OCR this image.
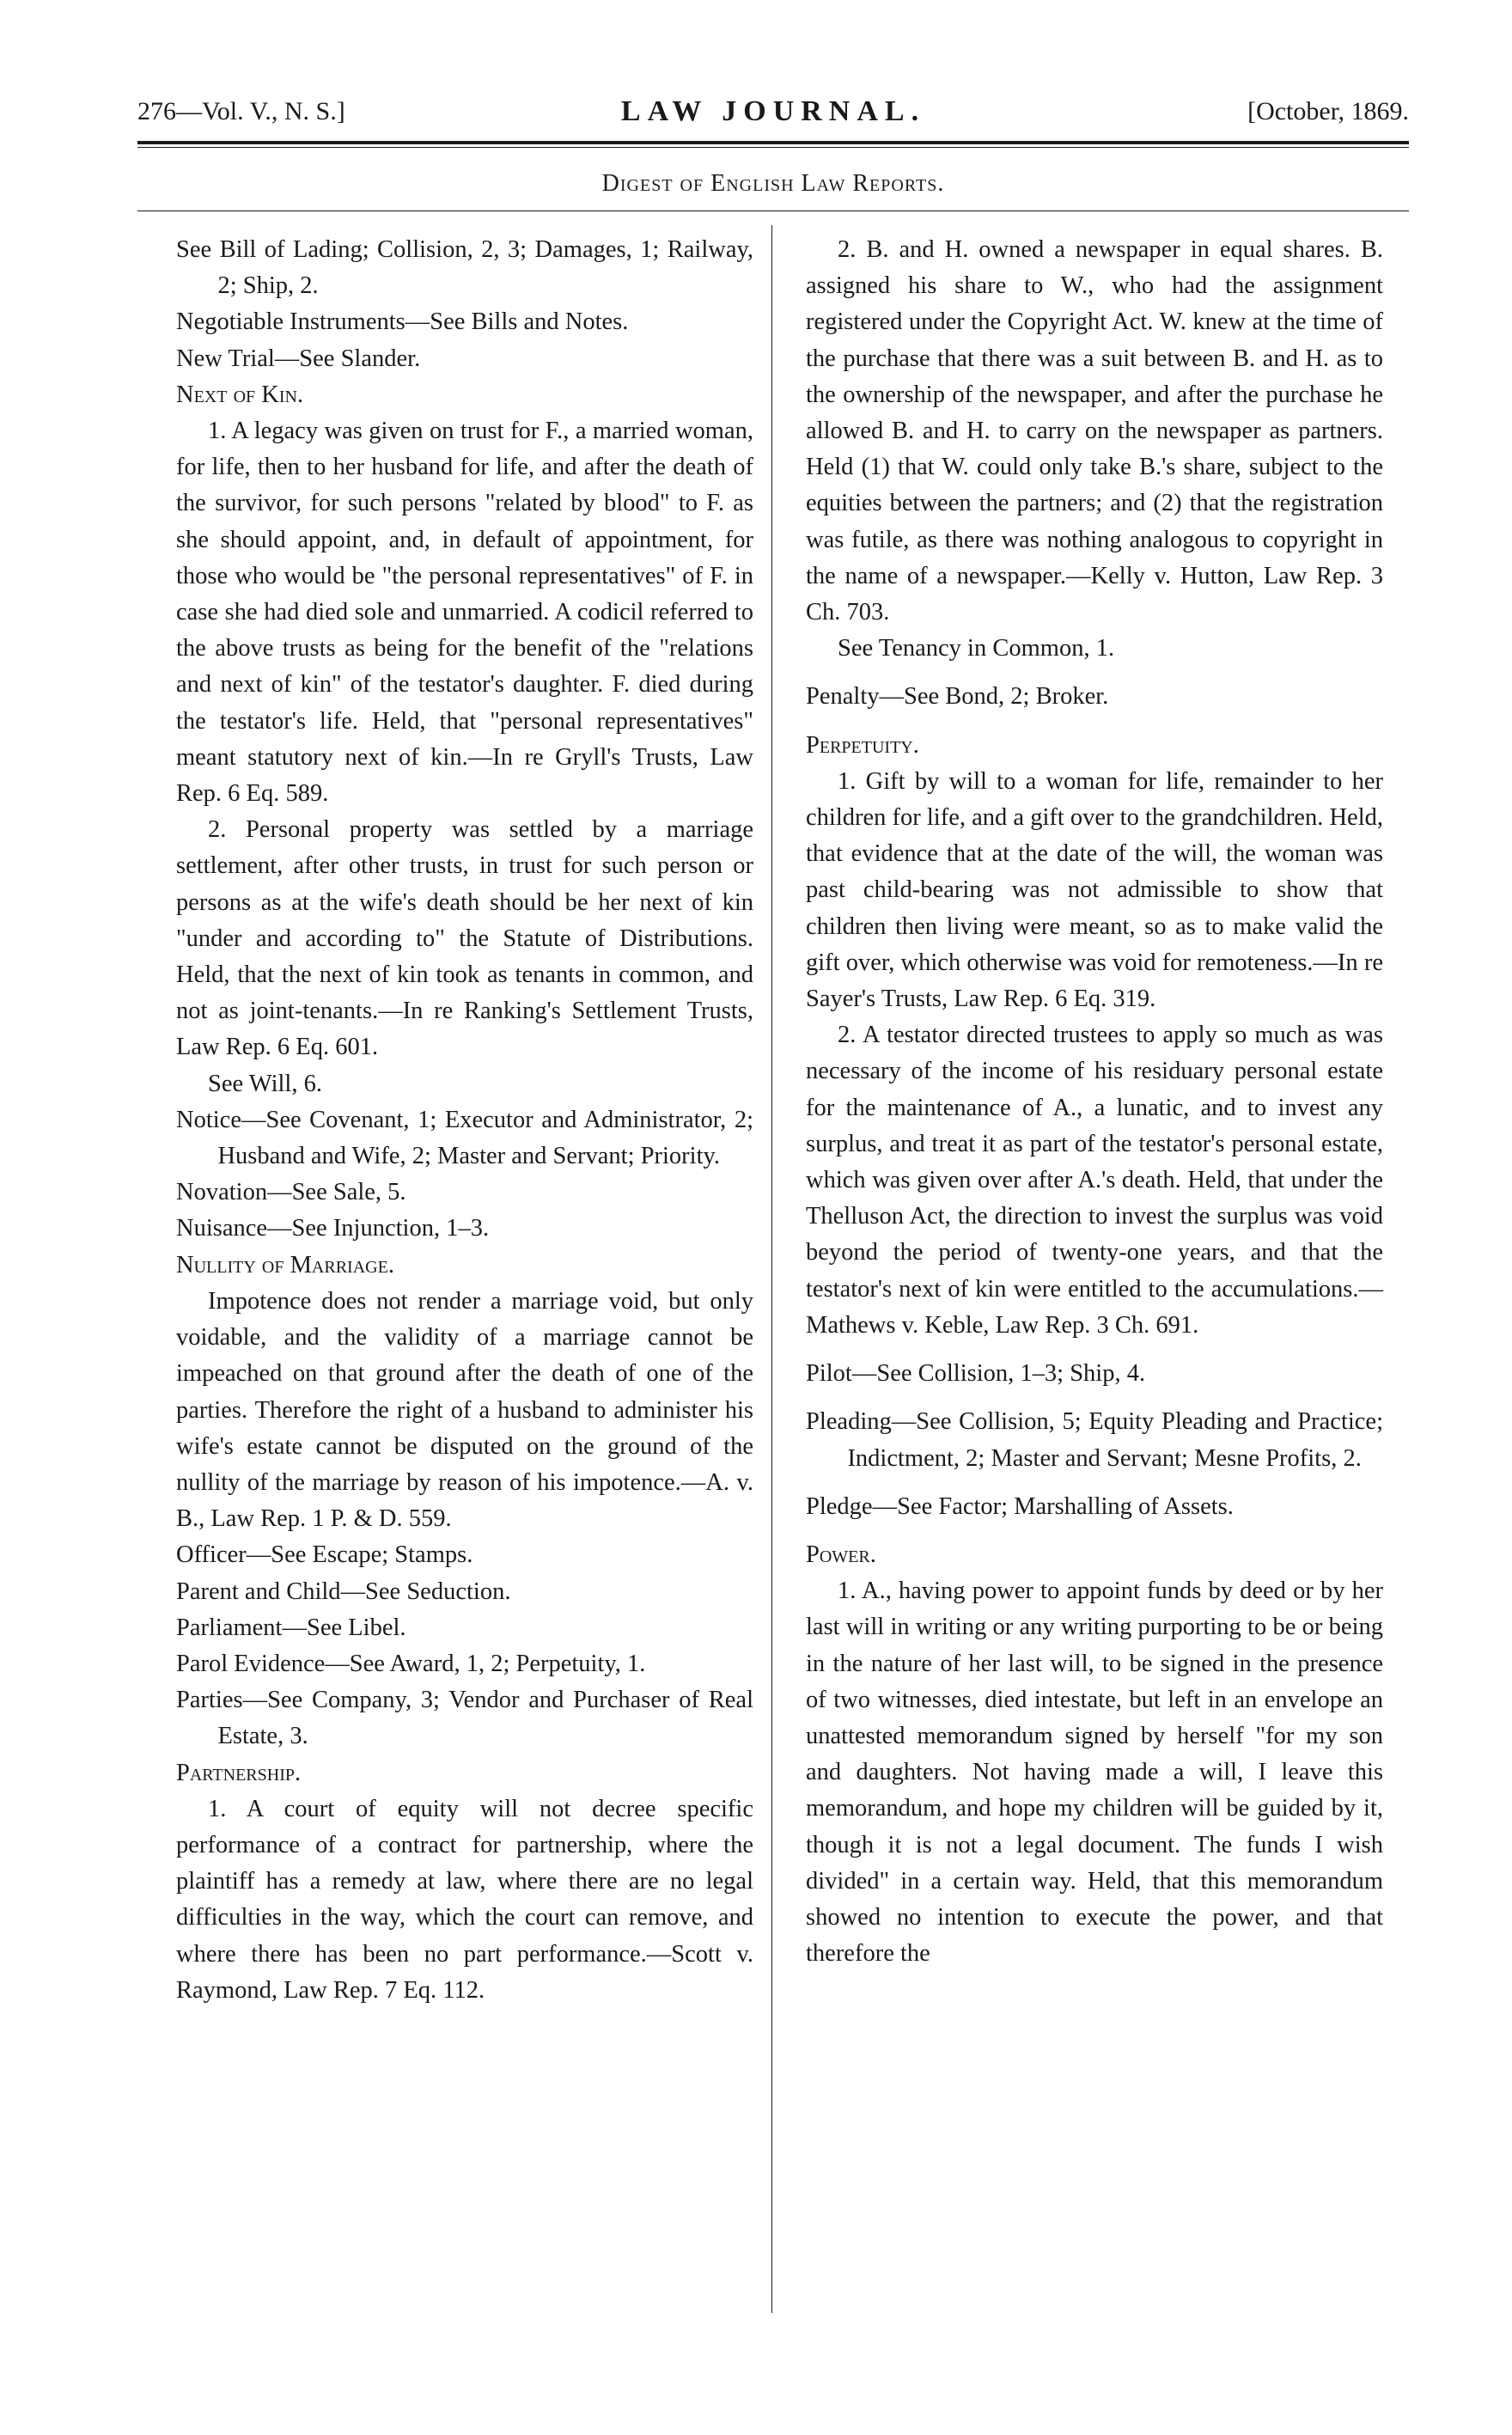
276—Vol. V., N. S.]	LAW JOURNAL.	[October, 1869.
Digest of English Law Reports.

See Bill of Lading; Collision, 2, 3; Damages, 1; Railway, 2; Ship, 2.

Negotiable Instruments—See Bills and Notes.

New Trial—See Slander.

Next of Kin.

1. A legacy was given on trust for F., a married woman, for life, then to her husband for life, and after the death of the survivor, for such persons "related by blood" to F. as she should appoint, and, in default of appointment, for those who would be "the personal representatives" of F. in case she had died sole and unmarried. A codicil referred to the above trusts as being for the benefit of the "relations and next of kin" of the testator's daughter. F. died during the testator's life. Held, that "personal representatives" meant statutory next of kin.—In re Gryll's Trusts, Law Rep. 6 Eq. 589.

2. Personal property was settled by a marriage settlement, after other trusts, in trust for such person or persons as at the wife's death should be her next of kin "under and according to" the Statute of Distributions. Held, that the next of kin took as tenants in common, and not as joint-tenants.—In re Ranking's Settlement Trusts, Law Rep. 6 Eq. 601.

See Will, 6.

Notice—See Covenant, 1; Executor and Administrator, 2; Husband and Wife, 2; Master and Servant; Priority.

Novation—See Sale, 5.

Nuisance—See Injunction, 1–3.

Nullity of Marriage.

Impotence does not render a marriage void, but only voidable, and the validity of a marriage cannot be impeached on that ground after the death of one of the parties. Therefore the right of a husband to administer his wife's estate cannot be disputed on the ground of the nullity of the marriage by reason of his impotence.—A. v. B., Law Rep. 1 P. & D. 559.

Officer—See Escape; Stamps.

Parent and Child—See Seduction.

Parliament—See Libel.

Parol Evidence—See Award, 1, 2; Perpetuity, 1.

Parties—See Company, 3; Vendor and Purchaser of Real Estate, 3.

Partnership.

1. A court of equity will not decree specific performance of a contract for partnership, where the plaintiff has a remedy at law, where there are no legal difficulties in the way, which the court can remove, and where there has been no part performance.—Scott v. Raymond, Law Rep. 7 Eq. 112.

2. B. and H. owned a newspaper in equal shares. B. assigned his share to W., who had the assignment registered under the Copyright Act. W. knew at the time of the purchase that there was a suit between B. and H. as to the ownership of the newspaper, and after the purchase he allowed B. and H. to carry on the newspaper as partners. Held (1) that W. could only take B.'s share, subject to the equities between the partners; and (2) that the registration was futile, as there was nothing analogous to copyright in the name of a newspaper.—Kelly v. Hutton, Law Rep. 3 Ch. 703.

See Tenancy in Common, 1.

Penalty—See Bond, 2; Broker.

Perpetuity.

1. Gift by will to a woman for life, remainder to her children for life, and a gift over to the grandchildren. Held, that evidence that at the date of the will, the woman was past child-bearing was not admissible to show that children then living were meant, so as to make valid the gift over, which otherwise was void for remoteness.—In re Sayer's Trusts, Law Rep. 6 Eq. 319.

2. A testator directed trustees to apply so much as was necessary of the income of his residuary personal estate for the maintenance of A., a lunatic, and to invest any surplus, and treat it as part of the testator's personal estate, which was given over after A.'s death. Held, that under the Thelluson Act, the direction to invest the surplus was void beyond the period of twenty-one years, and that the testator's next of kin were entitled to the accumulations.—Mathews v. Keble, Law Rep. 3 Ch. 691.

Pilot—See Collision, 1–3; Ship, 4.

Pleading—See Collision, 5; Equity Pleading and Practice; Indictment, 2; Master and Servant; Mesne Profits, 2.

Pledge—See Factor; Marshalling of Assets.

Power.

1. A., having power to appoint funds by deed or by her last will in writing or any writing purporting to be or being in the nature of her last will, to be signed in the presence of two witnesses, died intestate, but left in an envelope an unattested memorandum signed by herself "for my son and daughters. Not having made a will, I leave this memorandum, and hope my children will be guided by it, though it is not a legal document. The funds I wish divided" in a certain way. Held, that this memorandum showed no intention to execute the power, and that therefore the
